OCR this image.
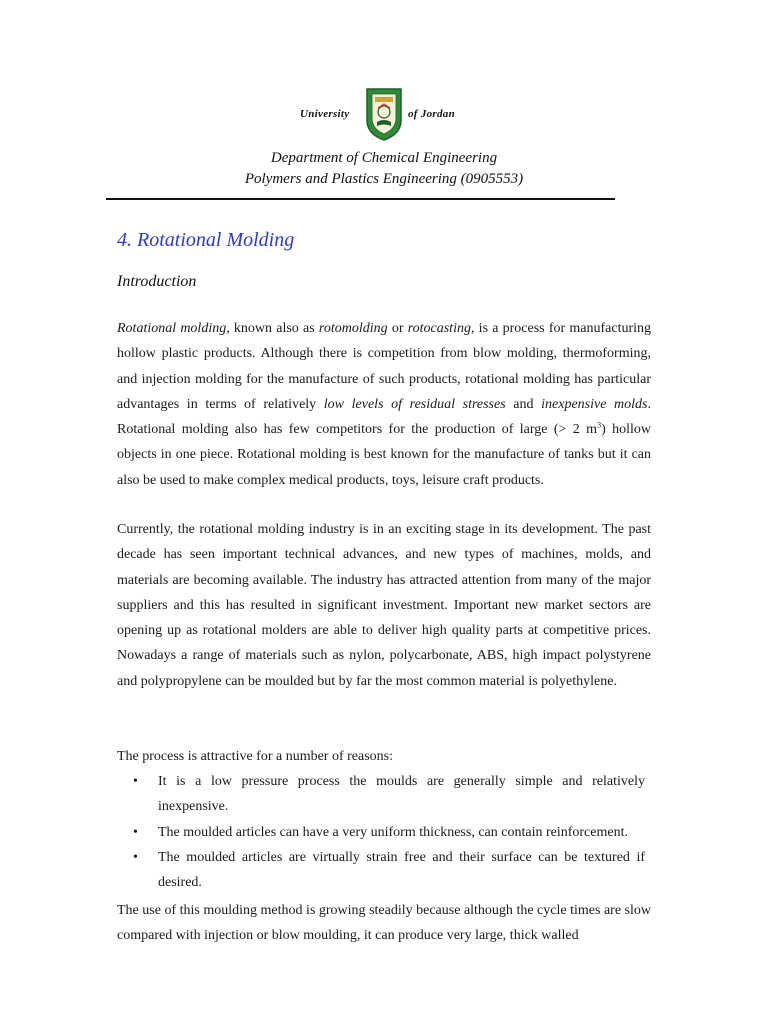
University	of Jordan
Department of Chemical Engineering
Polymers and Plastics Engineering (0905553)
4. Rotational Molding
Introduction
Rotational molding, known also as rotomolding or rotocasting, is a process for manufacturing hollow plastic products. Although there is competition from blow molding, thermoforming, and injection molding for the manufacture of such products, rotational molding has particular advantages in terms of relatively low levels of residual stresses and inexpensive molds. Rotational molding also has few competitors for the production of large (> 2 $m^3$) hollow objects in one piece. Rotational molding is best known for the manufacture of tanks but it can also be used to make complex medical products, toys, leisure craft products.
Currently, the rotational molding industry is in an exciting stage in its development. The past decade has seen important technical advances, and new types of machines, molds, and materials are becoming available. The industry has attracted attention from many of the major suppliers and this has resulted in significant investment. Important new market sectors are opening up as rotational molders are able to deliver high quality parts at competitive prices. Nowadays a range of materials such as nylon, polycarbonate, ABS, high impact polystyrene and polypropylene can be moulded but by far the most common material is polyethylene.
The process is attractive for a number of reasons:
• It is a low pressure process the moulds are generally simple and relatively inexpensive.
• The moulded articles can have a very uniform thickness, can contain reinforcement.
• The moulded articles are virtually strain free and their surface can be textured if desired.
The use of this moulding method is growing steadily because although the cycle times are slow compared with injection or blow moulding, it can produce very large, thick walled
